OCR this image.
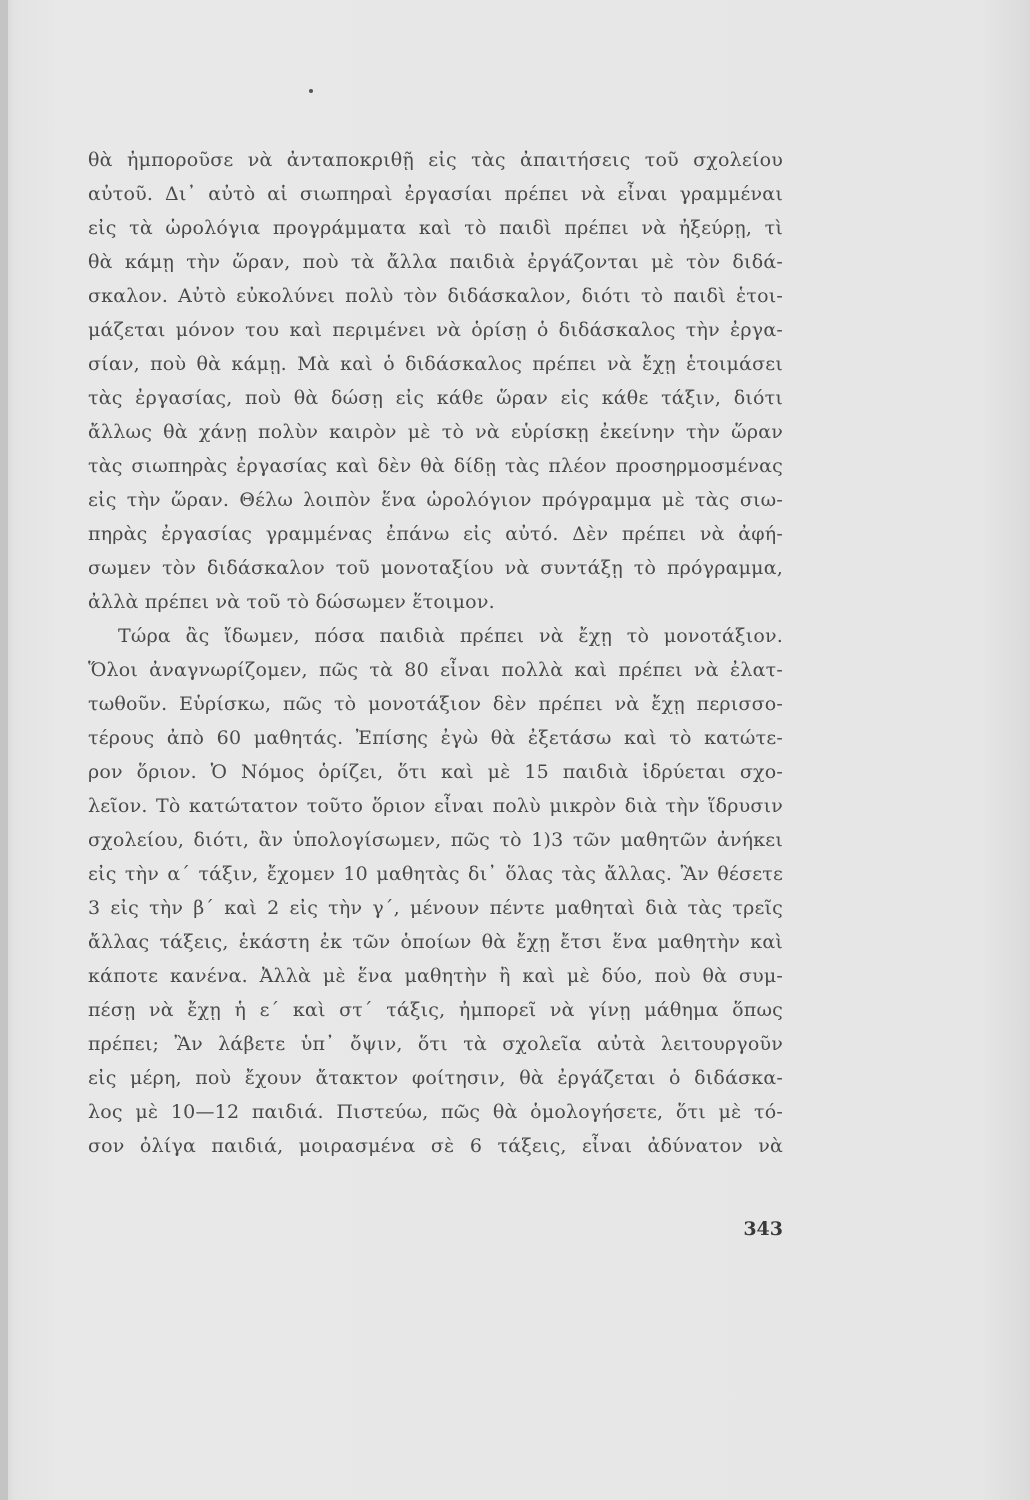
θὰ ἠμποροῦσε νὰ ἀνταποκριθῇ εἰς τὰς ἀπαιτήσεις τοῦ σχολείου
αὐτοῦ. Δι᾽ αὐτὸ αἱ σιωπηραὶ ἐργασίαι πρέπει νὰ εἶναι γραμμέναι
εἰς τὰ ὡρολόγια προγράμματα καὶ τὸ παιδὶ πρέπει νὰ ἠξεύρῃ, τὶ
θὰ κάμῃ τὴν ὥραν, ποὺ τὰ ἄλλα παιδιὰ ἐργάζονται μὲ τὸν διδά-
σκαλον. Αὐτὸ εὐκολύνει πολὺ τὸν διδάσκαλον, διότι τὸ παιδὶ ἑτοι-
μάζεται μόνον του καὶ περιμένει νὰ ὁρίσῃ ὁ διδάσκαλος τὴν ἐργα-
σίαν, ποὺ θὰ κάμῃ. Μὰ καὶ ὁ διδάσκαλος πρέπει νὰ ἔχῃ ἑτοιμάσει
τὰς ἐργασίας, ποὺ θὰ δώσῃ εἰς κάθε ὥραν εἰς κάθε τάξιν, διότι
ἄλλως θὰ χάνῃ πολὺν καιρὸν μὲ τὸ νὰ εὑρίσκῃ ἐκείνην τὴν ὥραν
τὰς σιωπηρὰς ἐργασίας καὶ δὲν θὰ δίδῃ τὰς πλέον προσηρμοσμένας
εἰς τὴν ὥραν. Θέλω λοιπὸν ἕνα ὡρολόγιον πρόγραμμα μὲ τὰς σιω-
πηρὰς ἐργασίας γραμμένας ἐπάνω εἰς αὐτό. Δὲν πρέπει νὰ ἀφή-
σωμεν τὸν διδάσκαλον τοῦ μονοταξίου νὰ συντάξῃ τὸ πρόγραμμα,
ἀλλὰ πρέπει νὰ τοῦ τὸ δώσωμεν ἕτοιμον.
Τώρα ἂς ἴδωμεν, πόσα παιδιὰ πρέπει νὰ ἔχῃ τὸ μονοτάξιον.
Ὅλοι ἀναγνωρίζομεν, πῶς τὰ 80 εἶναι πολλὰ καὶ πρέπει νὰ ἐλατ-
τωθοῦν. Εὑρίσκω, πῶς τὸ μονοτάξιον δὲν πρέπει νὰ ἔχῃ περισσο-
τέρους ἀπὸ 60 μαθητάς. Ἐπίσης ἐγὼ θὰ ἐξετάσω καὶ τὸ κατώτε-
ρον ὅριον. Ὁ Νόμος ὁρίζει, ὅτι καὶ μὲ 15 παιδιὰ ἱδρύεται σχο-
λεῖον. Τὸ κατώτατον τοῦτο ὅριον εἶναι πολὺ μικρὸν διὰ τὴν ἵδρυσιν
σχολείου, διότι, ἂν ὑπολογίσωμεν, πῶς τὸ 1)3 τῶν μαθητῶν ἀνήκει
εἰς τὴν α΄ τάξιν, ἔχομεν 10 μαθητὰς δι᾽ ὅλας τὰς ἄλλας. Ἂν θέσετε
3 εἰς τὴν β΄ καὶ 2 εἰς τὴν γ΄, μένουν πέντε μαθηταὶ διὰ τὰς τρεῖς
ἄλλας τάξεις, ἑκάστη ἐκ τῶν ὁποίων θὰ ἔχῃ ἔτσι ἕνα μαθητὴν καὶ
κάποτε κανένα. Ἀλλὰ μὲ ἕνα μαθητὴν ἢ καὶ μὲ δύο, ποὺ θὰ συμ-
πέσῃ νὰ ἔχῃ ἡ ε΄ καὶ στ΄ τάξις, ἠμπορεῖ νὰ γίνῃ μάθημα ὅπως
πρέπει; Ἂν λάβετε ὑπ᾽ ὄψιν, ὅτι τὰ σχολεῖα αὐτὰ λειτουργοῦν
εἰς μέρη, ποὺ ἔχουν ἄτακτον φοίτησιν, θὰ ἐργάζεται ὁ διδάσκα-
λος μὲ 10—12 παιδιά. Πιστεύω, πῶς θὰ ὁμολογήσετε, ὅτι μὲ τό-
σον ὀλίγα παιδιά, μοιρασμένα σὲ 6 τάξεις, εἶναι ἀδύνατον νὰ
343
